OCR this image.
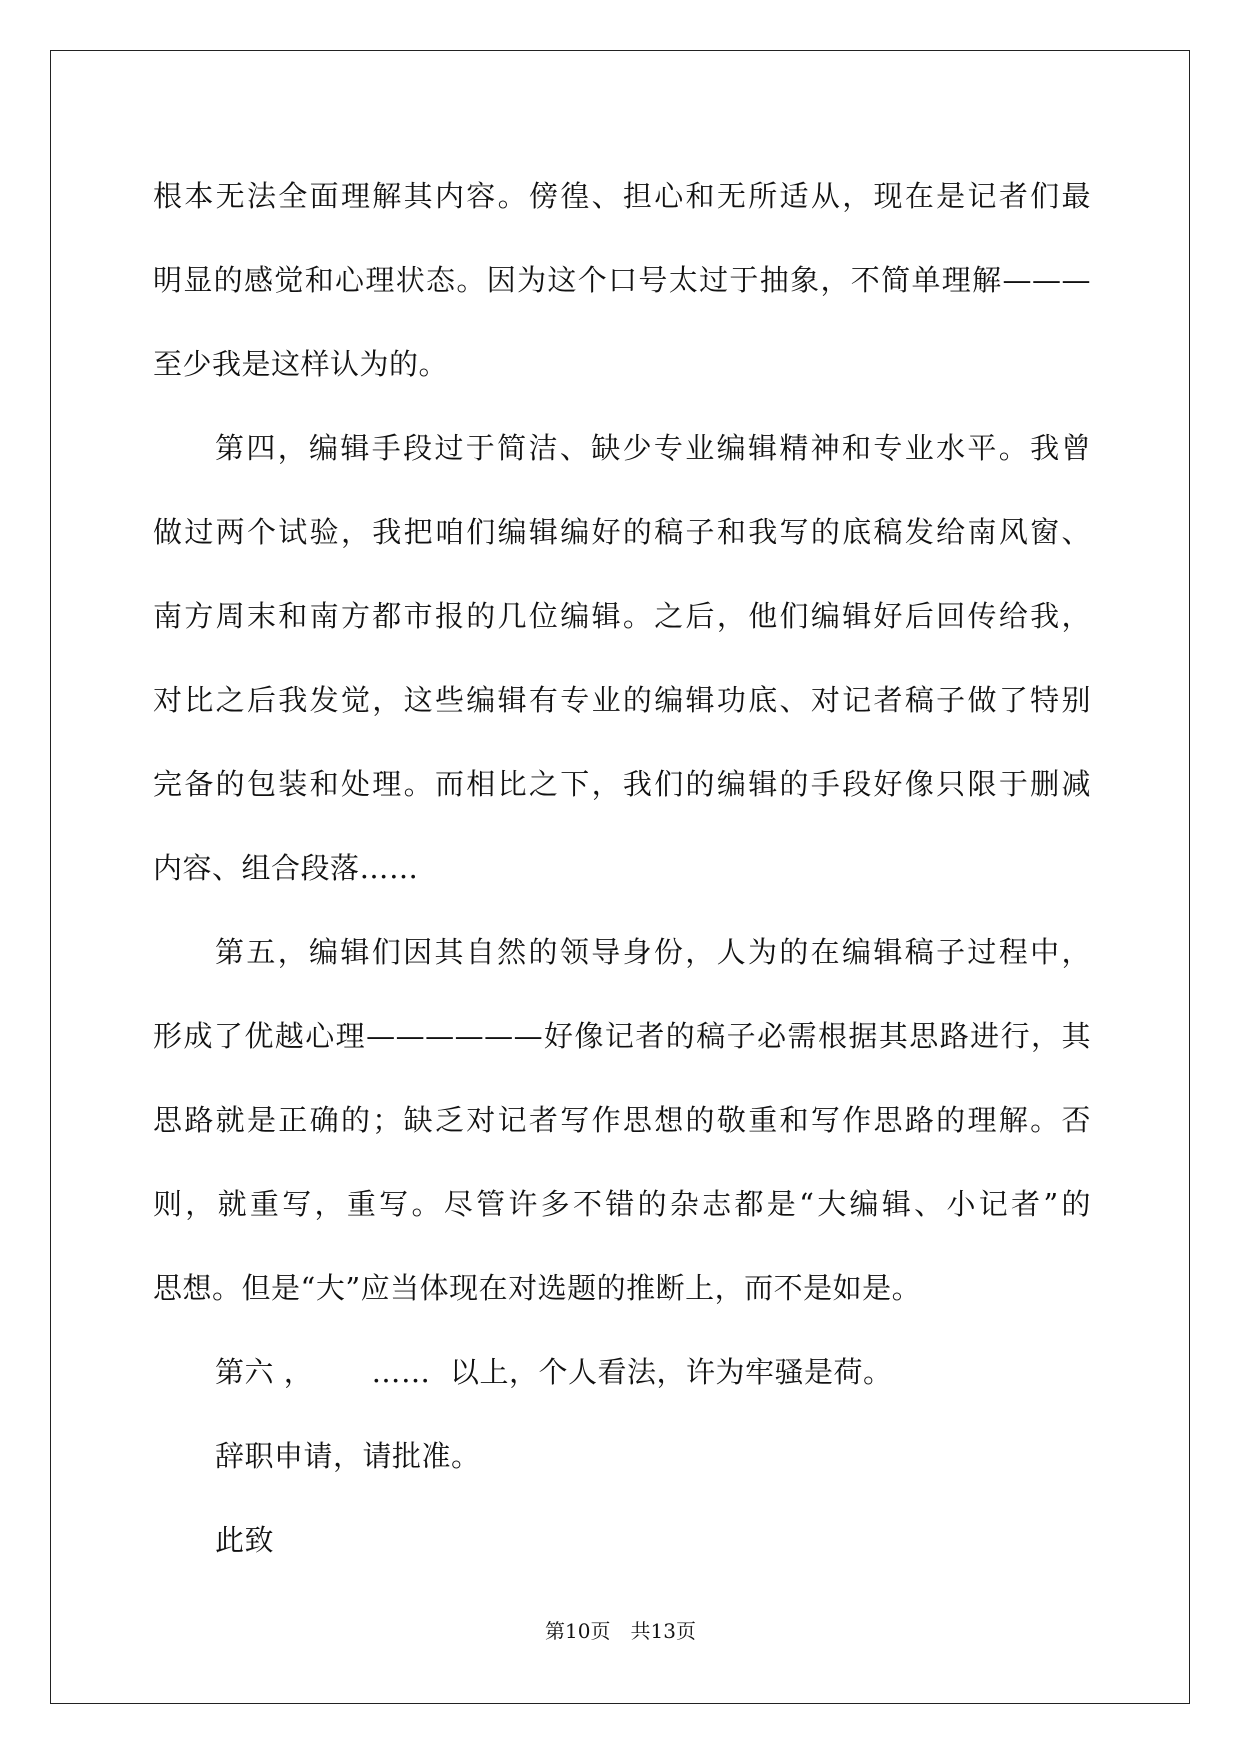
根本无法全面理解其内容。傍徨、担心和无所适从，现在是记者们最
明显的感觉和心理状态。因为这个口号太过于抽象，不简单理解———
至少我是这样认为的。
第四，编辑手段过于简洁、缺少专业编辑精神和专业水平。我曾
做过两个试验，我把咱们编辑编好的稿子和我写的底稿发给南风窗、
南方周末和南方都市报的几位编辑。之后，他们编辑好后回传给我，
对比之后我发觉，这些编辑有专业的编辑功底、对记者稿子做了特别
完备的包装和处理。而相比之下，我们的编辑的手段好像只限于删减
内容、组合段落……
第五，编辑们因其自然的领导身份，人为的在编辑稿子过程中，
形成了优越心理——————好像记者的稿子必需根据其思路进行，其
思路就是正确的；缺乏对记者写作思想的敬重和写作思路的理解。否
则，就重写，重写。尽管许多不错的杂志都是“大编辑、小记者”的
思想。但是“大”应当体现在对选题的推断上，而不是如是。
第六 ，      ……  以上，个人看法，许为牢骚是荷。
辞职申请，请批准。
此致
第10页　共13页
